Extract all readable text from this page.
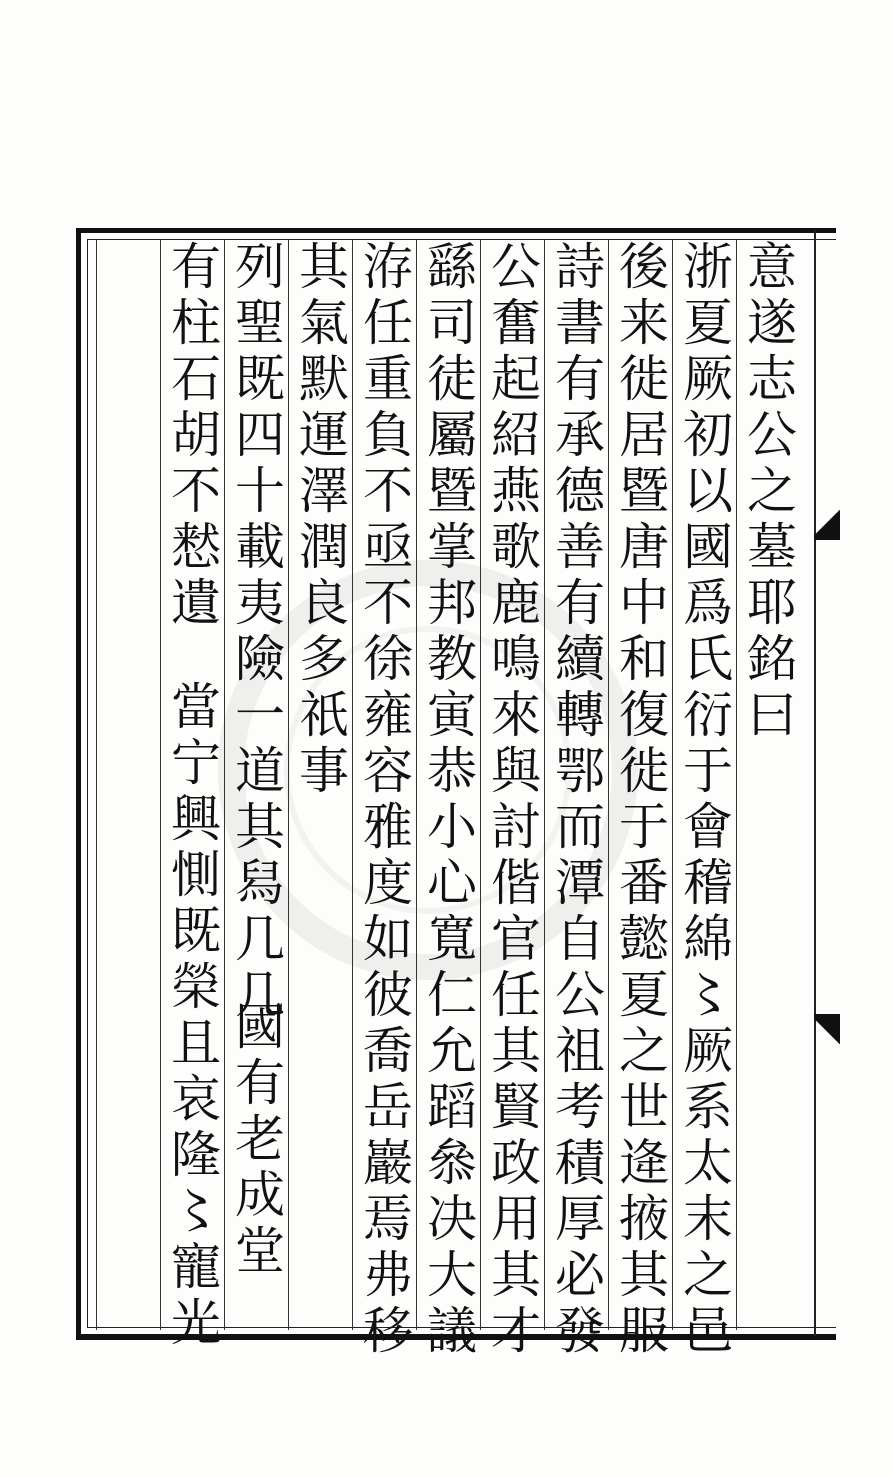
意遂志公之墓耶銘曰
浙夏厥初以國爲氏衍于會稽綿〻厥系太末之邑
後来徙居暨唐中和復徙于番懿夏之世逄掖其服
詩書有承德善有續轉鄂而潭自公祖考積厚必發
公奮起紹燕歌鹿鳴來與討偕官任其賢政用其才
繇司徒屬暨掌邦教寅恭小心寬仁允蹈叅决大議
洊任重負不亟不徐雍容雅度如彼喬岳巖焉弗移
其氣默運澤潤良多祇事
列聖既四十載夷險一道其舄几几
國有老成堂
有柱石胡不慭遺
當宁興惻既榮且哀隆〻寵光
